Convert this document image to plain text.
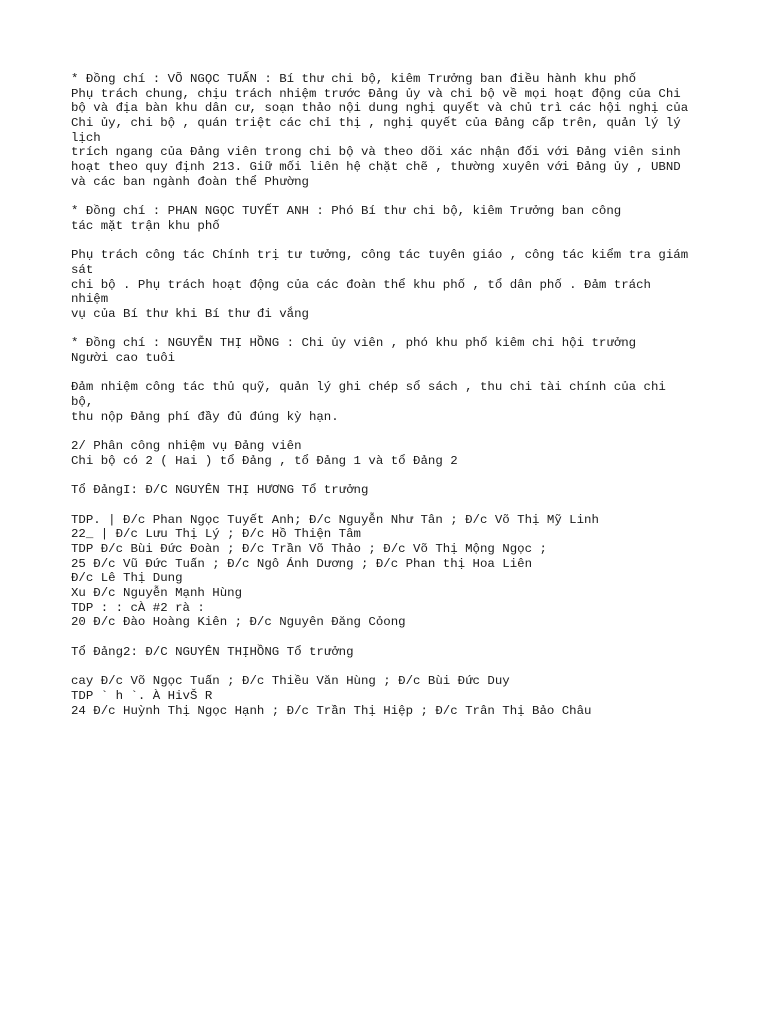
* Đồng chí : VÕ NGỌC TUẤN : Bí thư chi bộ, kiêm Trưởng ban điều hành khu phố
Phụ trách chung, chịu trách nhiệm trước Đảng ủy và chi bộ về mọi hoạt động của Chi
bộ và địa bàn khu dân cư, soạn thảo nội dung nghị quyết và chủ trì các hội nghị của
Chi ủy, chi bộ , quán triệt các chỉ thị , nghị quyết của Đảng cấp trên, quản lý lý
lịch
trích ngang của Đảng viên trong chi bộ và theo dõi xác nhận đối với Đảng viên sinh
hoạt theo quy định 213. Giữ mối liên hệ chặt chẽ , thường xuyên với Đảng ủy , UBND
và các ban ngành đoàn thể Phường
* Đồng chí : PHAN NGỌC TUYẾT ANH : Phó Bí thư chi bộ, kiêm Trưởng ban công
tác mặt trận khu phố
Phụ trách công tác Chính trị tư tưởng, công tác tuyên giáo , công tác kiểm tra giám
sát
chi bộ . Phụ trách hoạt động của các đoàn thể khu phố , tổ dân phố . Đảm trách
nhiệm
vụ của Bí thư khi Bí thư đi vắng
* Đồng chí : NGUYỄN THỊ HỒNG : Chi ủy viên , phó khu phố kiêm chi hội trưởng
Người cao tuôi
Đảm nhiệm công tác thủ quỹ, quản lý ghi chép sổ sách , thu chi tài chính của chi
bộ,
thu nộp Đảng phí đầy đủ đúng kỳ hạn.
2/ Phân công nhiệm vụ Đảng viên
Chi bộ có 2 ( Hai ) tổ Đảng , tổ Đảng 1 và tổ Đảng 2
Tổ ĐảngI: Đ/C NGUYÊN THỊ HƯƠNG Tổ trưởng
TDP. | Đ/c Phan Ngọc Tuyết Anh; Đ/c Nguyễn Như Tân ; Đ/c Võ Thị Mỹ Linh
22_ | Đ/c Lưu Thị Lý ; Đ/c Hồ Thiện Tâm
TDP Đ/c Bùi Đức Đoàn ; Đ/c Trần Võ Thảo ; Đ/c Võ Thị Mộng Ngọc ;
25 Đ/c Vũ Đức Tuấn ; Đ/c Ngô Ánh Dương ; Đ/c Phan thị Hoa Liên
Đ/c Lê Thị Dung
Xu Đ/c Nguyễn Mạnh Hùng
TDP : : cÀ #2 rà :
20 Đ/c Đào Hoàng Kiên ; Đ/c Nguyên Đăng Cỏong
Tổ Đảng2: Đ/C NGUYÊN THỊHỒNG Tổ trưởng
cay Đ/c Võ Ngọc Tuấn ; Đ/c Thiều Văn Hùng ; Đ/c Bùi Đức Duy
TDP ` h `. À HivŠ R
24 Đ/c Huỳnh Thị Ngọc Hạnh ; Đ/c Trần Thị Hiệp ; Đ/c Trân Thị Bảo Châu
